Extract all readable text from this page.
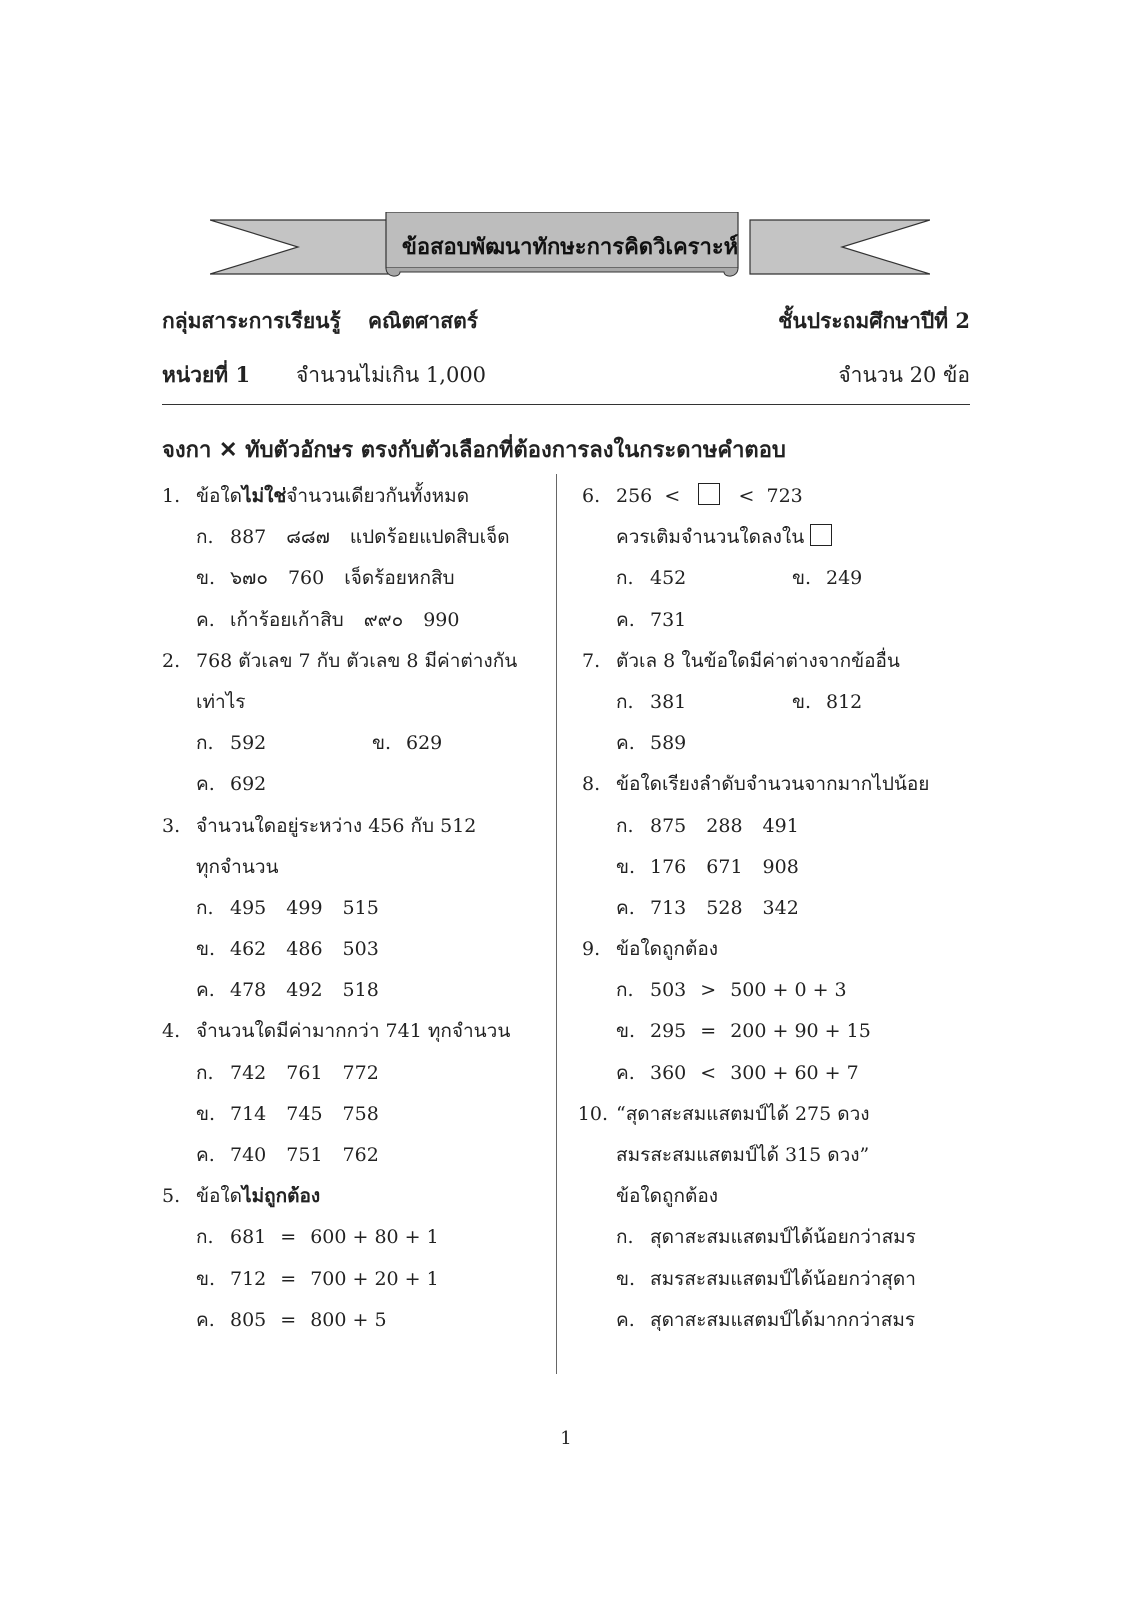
ข้อสอบพัฒนาทักษะการคิดวิเคราะห์
กลุ่มสาระการเรียนรู้ คณิตศาสตร์	ชั้นประถมศึกษาปีที่ 2
หน่วยที่ 1 จำนวนไม่เกิน 1,000	จำนวน 20 ข้อ
จงกา ✕ ทับตัวอักษร ตรงกับตัวเลือกที่ต้องการลงในกระดาษคำตอบ
1. ข้อใดไม่ใช่จำนวนเดียวกันทั้งหมด
ก. 887 ๘๘๗ แปดร้อยแปดสิบเจ็ด
ข. ๖๗๐ 760 เจ็ดร้อยหกสิบ
ค. เก้าร้อยเก้าสิบ ๙๙๐ 990
2. 768 ตัวเลข 7 กับ ตัวเลข 8 มีค่าต่างกัน
เท่าไร
ก. 592	ข. 629
ค. 692
3. จำนวนใดอยู่ระหว่าง 456 กับ 512
ทุกจำนวน
ก. 495 499 515
ข. 462 486 503
ค. 478 492 518
4. จำนวนใดมีค่ามากกว่า 741 ทุกจำนวน
ก. 742 761 772
ข. 714 745 758
ค. 740 751 762
5. ข้อใดไม่ถูกต้อง
ก. 681 = 600 + 80 + 1
ข. 712 = 700 + 20 + 1
ค. 805 = 800 + 5
6. 256 <	< 723
ควรเติมจำนวนใดลงใน
ก. 452	ข. 249
ค. 731
7. ตัวเล 8 ในข้อใดมีค่าต่างจากข้ออื่น
ก. 381	ข. 812
ค. 589
8. ข้อใดเรียงลำดับจำนวนจากมากไปน้อย
ก. 875 288 491
ข. 176 671 908
ค. 713 528 342
9. ข้อใดถูกต้อง
ก. 503 > 500 + 0 + 3
ข. 295 = 200 + 90 + 15
ค. 360 < 300 + 60 + 7
10. “สุดาสะสมแสตมป์ได้ 275 ดวง
สมรสะสมแสตมป์ได้ 315 ดวง”
ข้อใดถูกต้อง
ก. สุดาสะสมแสตมป์ได้น้อยกว่าสมร
ข. สมรสะสมแสตมป์ได้น้อยกว่าสุดา
ค. สุดาสะสมแสตมป์ได้มากกว่าสมร
1
